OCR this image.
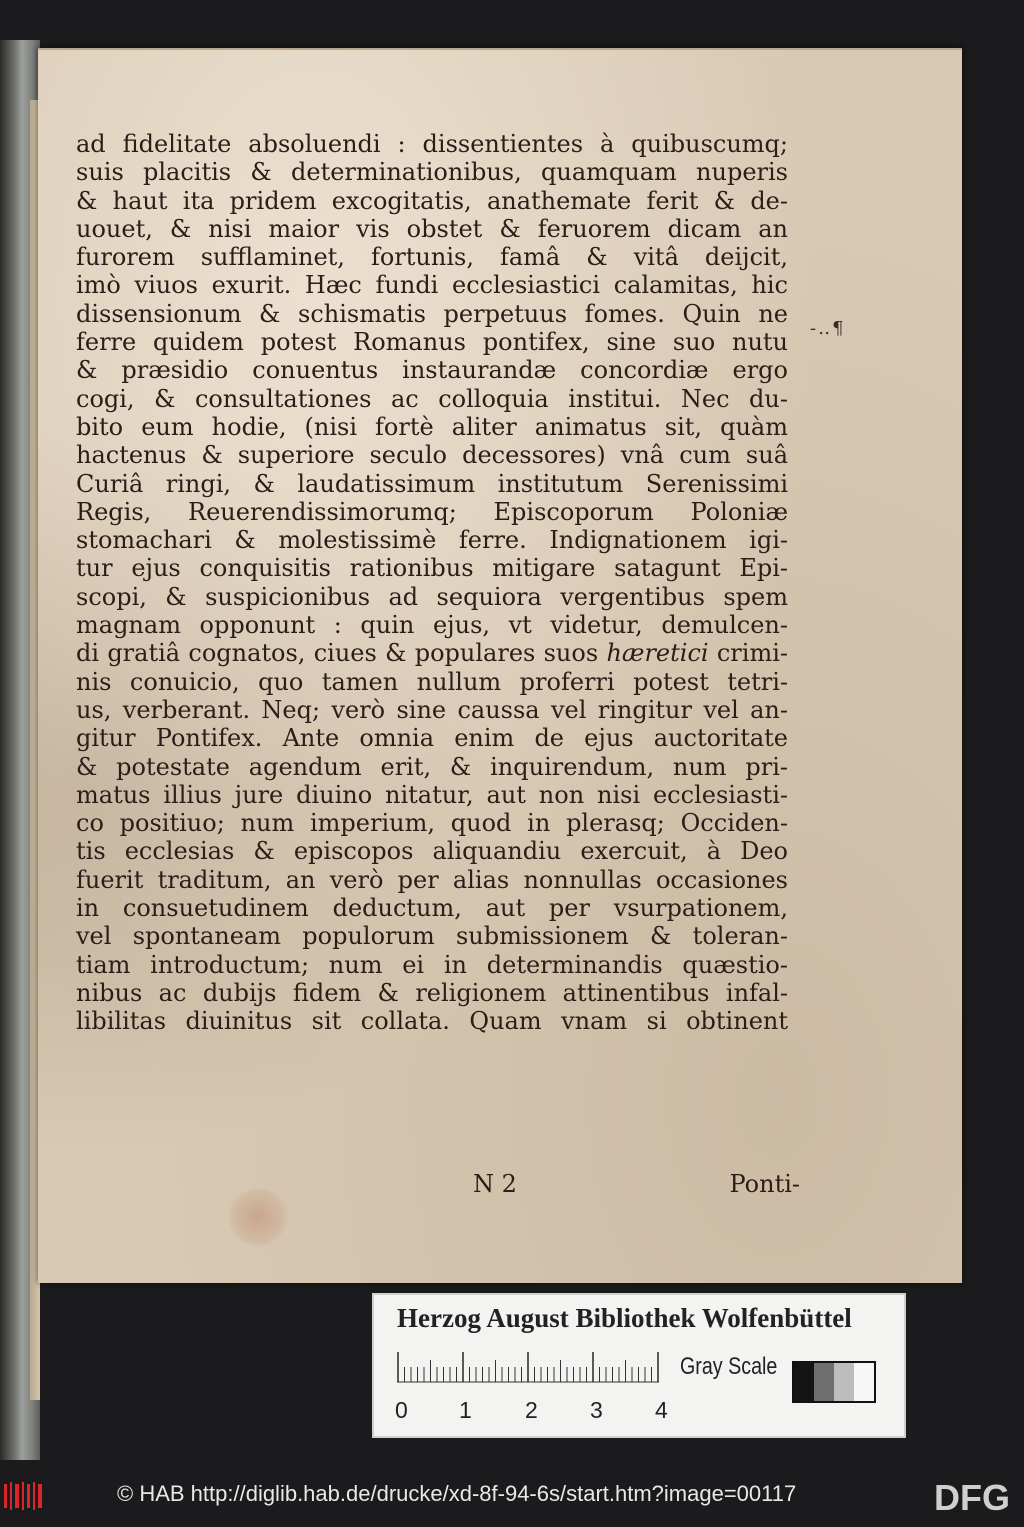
-‥¶
ad fidelitate absoluendi : dissentientes à quibuscumq;
suis placitis & determinationibus, quamquam nuperis
& haut ita pridem excogitatis, anathemate ferit & de-
uouet, & nisi maior vis obstet & feruorem dicam an
furorem sufflaminet, fortunis, famâ & vitâ deijcit,
imò viuos exurit. Hæc fundi ecclesiastici calamitas, hic
dissensionum & schismatis perpetuus fomes. Quin ne
ferre quidem potest Romanus pontifex, sine suo nutu
& præsidio conuentus instaurandæ concordiæ ergo
cogi, & consultationes ac colloquia institui. Nec du-
bito eum hodie, (nisi fortè aliter animatus sit, quàm
hactenus & superiore seculo decessores) vnâ cum suâ
Curiâ ringi, & laudatissimum institutum Serenissimi
Regis, Reuerendissimorumq; Episcoporum Poloniæ
stomachari & molestissimè ferre. Indignationem igi-
tur ejus conquisitis rationibus mitigare satagunt Epi-
scopi, & suspicionibus ad sequiora vergentibus spem
magnam opponunt : quin ejus, vt videtur, demulcen-
di gratiâ cognatos, ciues & populares suos hæretici crimi-
nis conuicio, quo tamen nullum proferri potest tetri-
us, verberant. Neq; verò sine caussa vel ringitur vel an-
gitur Pontifex. Ante omnia enim de ejus auctoritate
& potestate agendum erit, & inquirendum, num pri-
matus illius jure diuino nitatur, aut non nisi ecclesiasti-
co positiuo; num imperium, quod in plerasq; Occiden-
tis ecclesias & episcopos aliquandiu exercuit, à Deo
fuerit traditum, an verò per alias nonnullas occasiones
in consuetudinem deductum, aut per vsurpationem,
vel spontaneam populorum submissionem & toleran-
tiam introductum; num ei in determinandis quæstio-
nibus ac dubijs fidem & religionem attinentibus infal-
libilitas diuinitus sit collata. Quam vnam si obtinent
N 2	Ponti-
Herzog August Bibliothek Wolfenbüttel
0 1 2 3 4
Gray Scale
© HAB http://diglib.hab.de/drucke/xd-8f-94-6s/start.htm?image=00117	DFG
